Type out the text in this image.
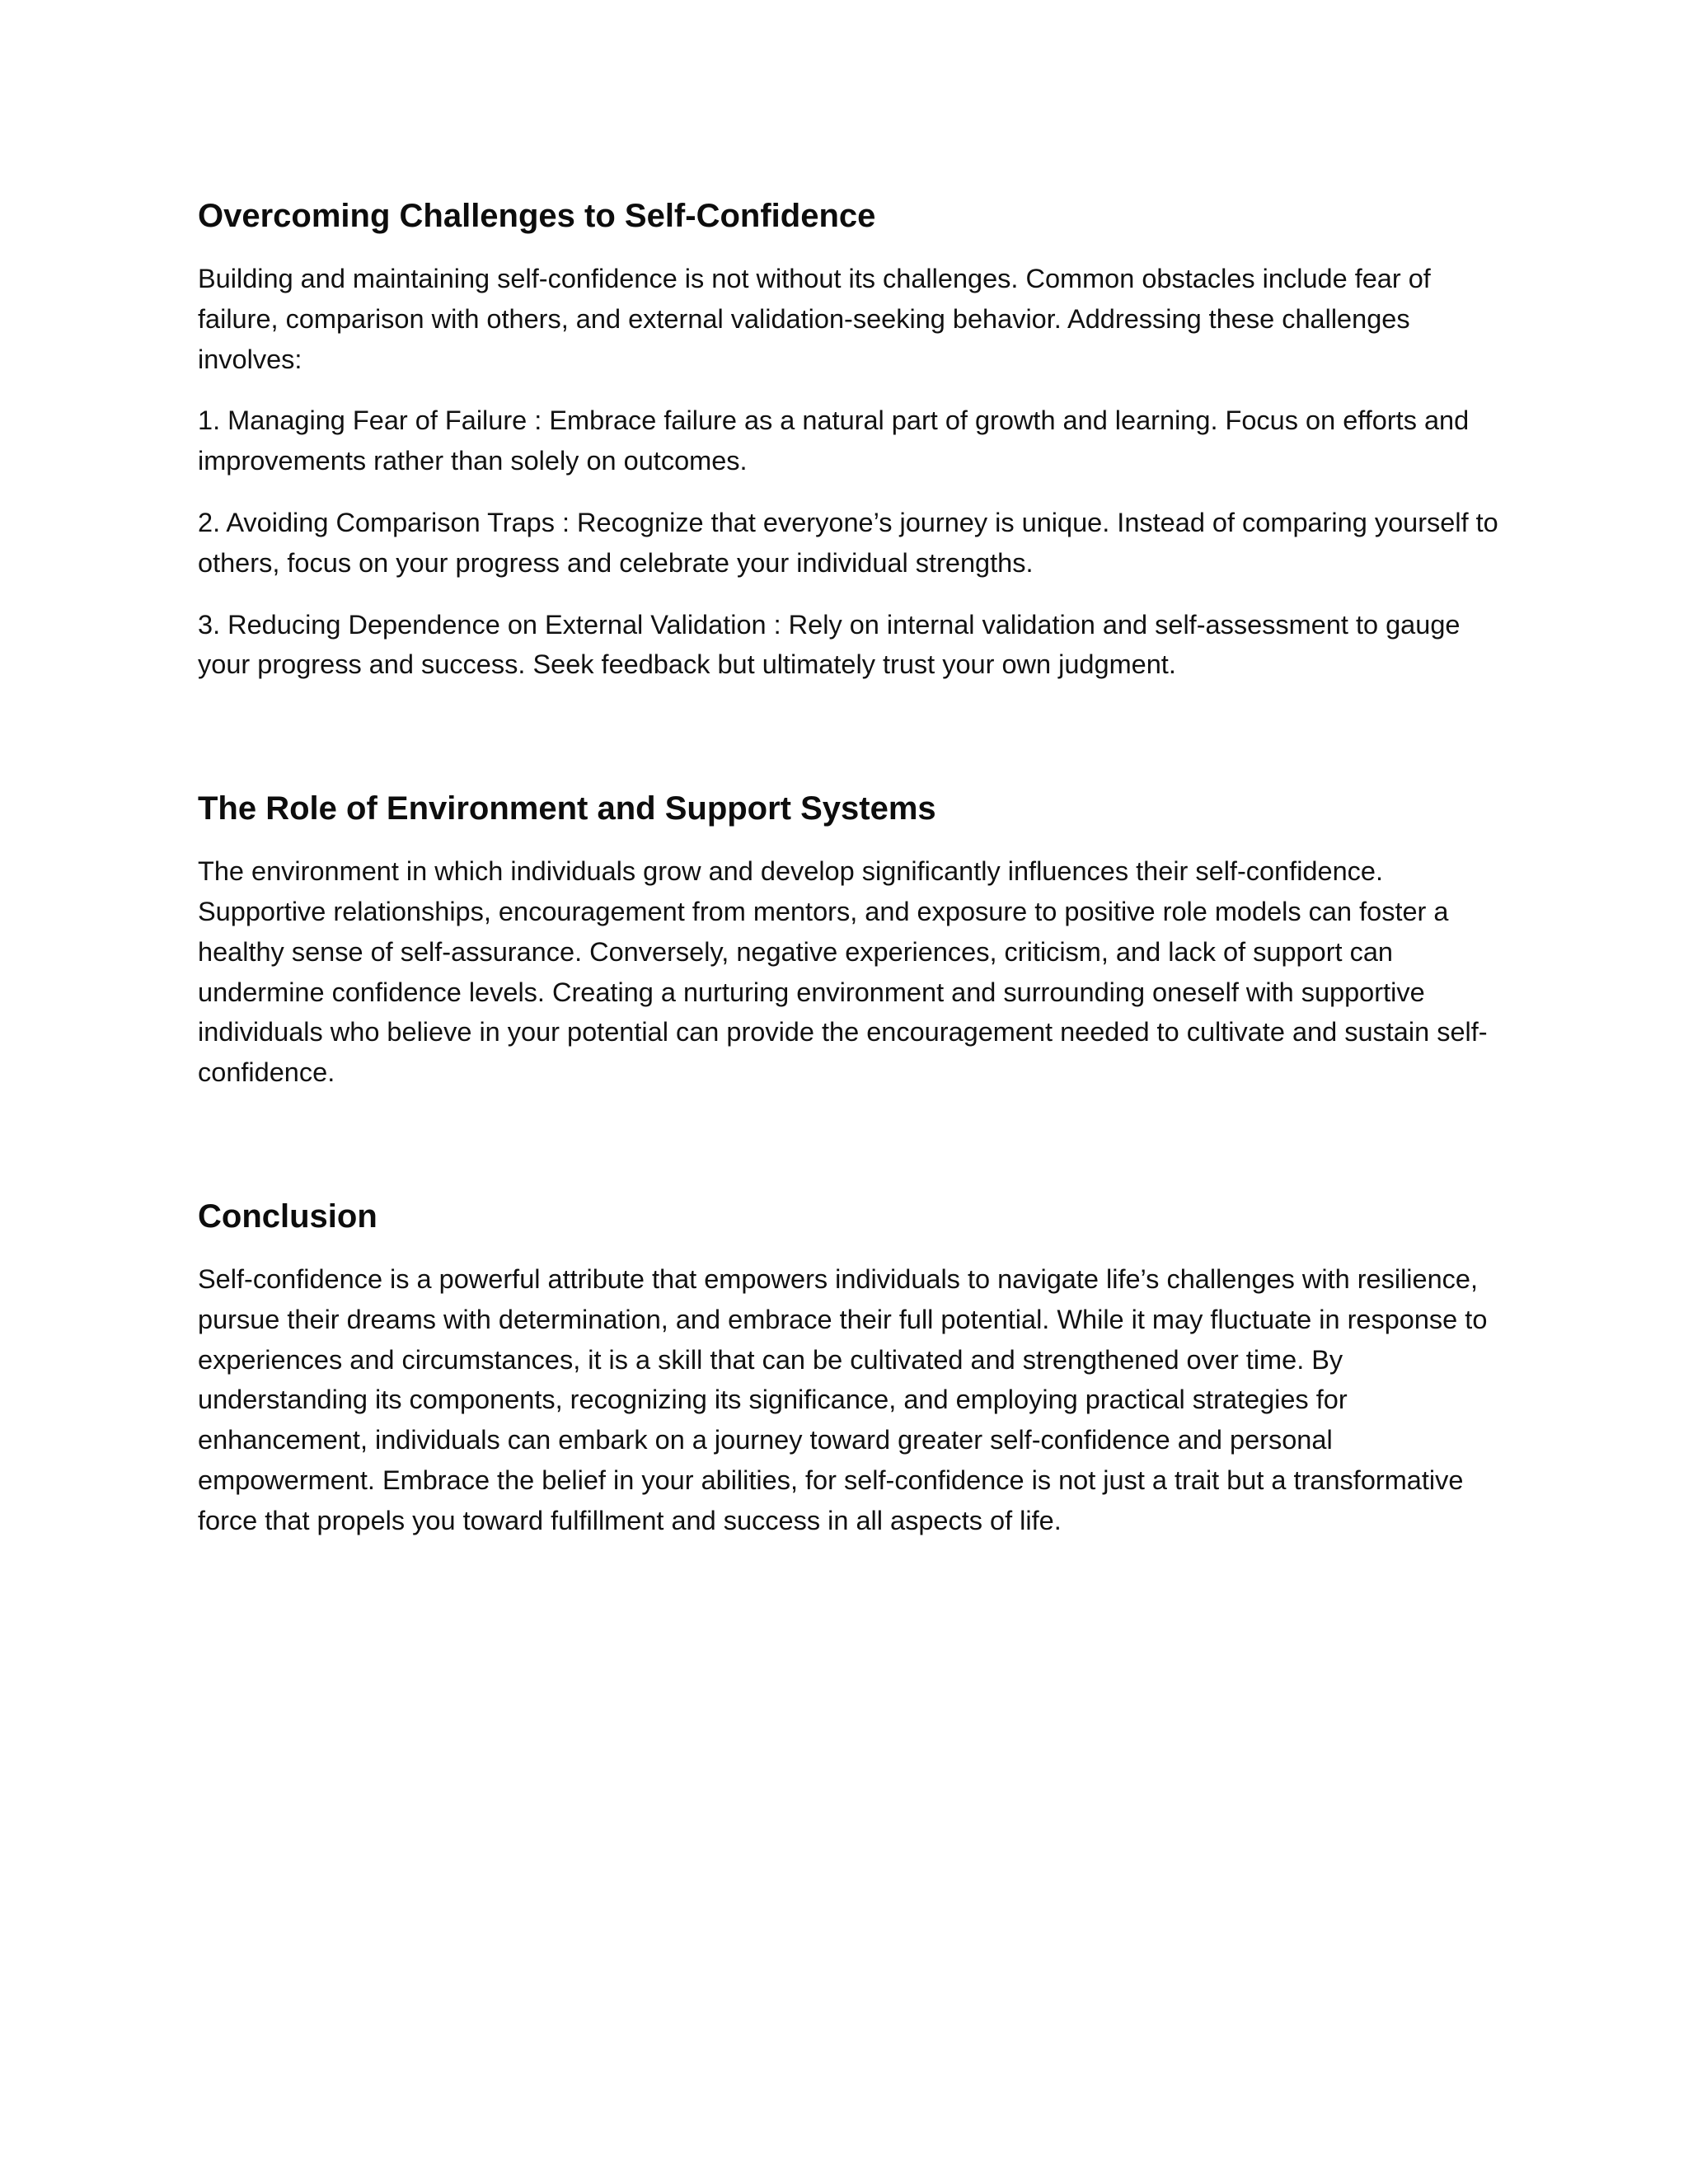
Overcoming Challenges to Self-Confidence

Building and maintaining self-confidence is not without its challenges. Common obstacles include fear of failure, comparison with others, and external validation-seeking behavior. Addressing these challenges involves:

1. Managing Fear of Failure : Embrace failure as a natural part of growth and learning. Focus on efforts and improvements rather than solely on outcomes.

2. Avoiding Comparison Traps : Recognize that everyone’s journey is unique. Instead of comparing yourself to others, focus on your progress and celebrate your individual strengths.

3. Reducing Dependence on External Validation : Rely on internal validation and self-assessment to gauge your progress and success. Seek feedback but ultimately trust your own judgment.

The Role of Environment and Support Systems

The environment in which individuals grow and develop significantly influences their self-confidence. Supportive relationships, encouragement from mentors, and exposure to positive role models can foster a healthy sense of self-assurance. Conversely, negative experiences, criticism, and lack of support can undermine confidence levels. Creating a nurturing environment and surrounding oneself with supportive individuals who believe in your potential can provide the encouragement needed to cultivate and sustain self-confidence.

Conclusion

Self-confidence is a powerful attribute that empowers individuals to navigate life’s challenges with resilience, pursue their dreams with determination, and embrace their full potential. While it may fluctuate in response to experiences and circumstances, it is a skill that can be cultivated and strengthened over time. By understanding its components, recognizing its significance, and employing practical strategies for enhancement, individuals can embark on a journey toward greater self-confidence and personal empowerment. Embrace the belief in your abilities, for self-confidence is not just a trait but a transformative force that propels you toward fulfillment and success in all aspects of life.
